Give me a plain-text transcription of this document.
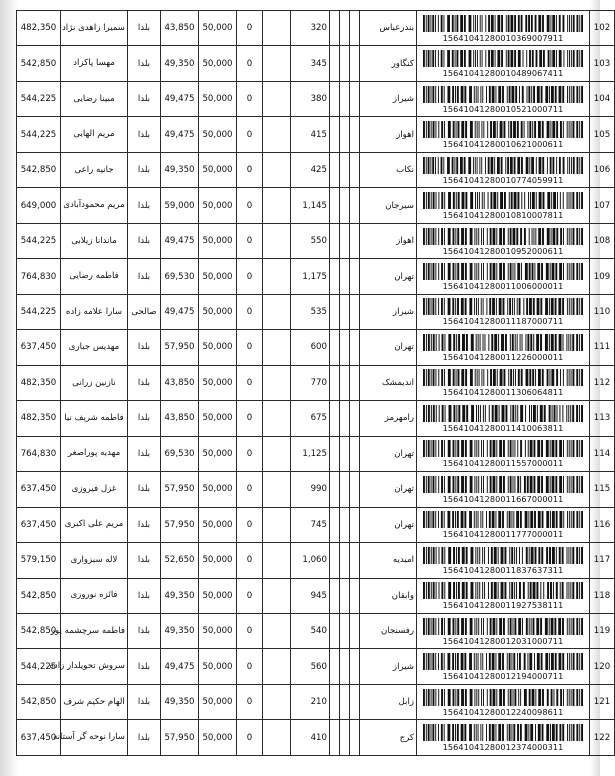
482,350	سمیرا زاهدی نژاد	بلدا	43,850	50,000	0		320				بندرعباس	15641041280010369007911	102
542,850	مهسا پاکزاد	بلدا	49,350	50,000	0		345				کنگاور	15641041280010489067411	103
544,225	مبینا رضایی	بلدا	49,475	50,000	0		380				شیراز	15641041280010521000711	104
544,225	مریم الهایی	بلدا	49,475	50,000	0		415				اهواز	15641041280010621000611	105
542,850	جانیه راعی	بلدا	49,350	50,000	0		425				نکاب	15641041280010774059911	106
649,000	مریم محمودآبادی	بلدا	59,000	50,000	0		1,145				سیرجان	15641041280010810007811	107
544,225	ماندانا زیلابی	بلدا	49,475	50,000	0		550				اهواز	15641041280010952000611	108
764,830	فاطمه رضایی	بلدا	69,530	50,000	0		1,175				تهران	15641041280011006000011	109
544,225	سارا علامه زاده	صالحی	49,475	50,000	0		535				شیراز	15641041280011187000711	110
637,450	مهدیس جباری	بلدا	57,950	50,000	0		600				تهران	15641041280011226000011	111
482,350	نازنین زرانی	بلدا	43,850	50,000	0		770				اندیمشک	15641041280011306064811	112
482,350	فاطمه شریف نیا	بلدا	43,850	50,000	0		675				رامهرمز	15641041280011410063811	113
764,830	مهدیه پوراصغر	بلدا	69,530	50,000	0		1,125				تهران	15641041280011557000011	114
637,450	غزل فیروزی	بلدا	57,950	50,000	0		990				تهران	15641041280011667000011	115
637,450	مریم علی اکبری	بلدا	57,950	50,000	0		745				تهران	15641041280011777000011	116
579,150	لاله سبزواری	بلدا	52,650	50,000	0		1,060				امیدیه	15641041280011837637311	117
542,850	فائزه نوروزی	بلدا	49,350	50,000	0		945				وابقان	15641041280011927538111	118
542,850	فاطمه سرچشمه پور	بلدا	49,350	50,000	0		540				رفسنجان	15641041280012031000711	119
544,225	سروش تحویلدار زاده	بلدا	49,475	50,000	0		560				شیراز	15641041280012194000711	120
542,850	الهام حکیم شرف	بلدا	49,350	50,000	0		210				زابل	15641041280012240098611	121
637,450	سارا نوحه گر آستانه	بلدا	57,950	50,000	0		410				کرج	15641041280012374000311	122
